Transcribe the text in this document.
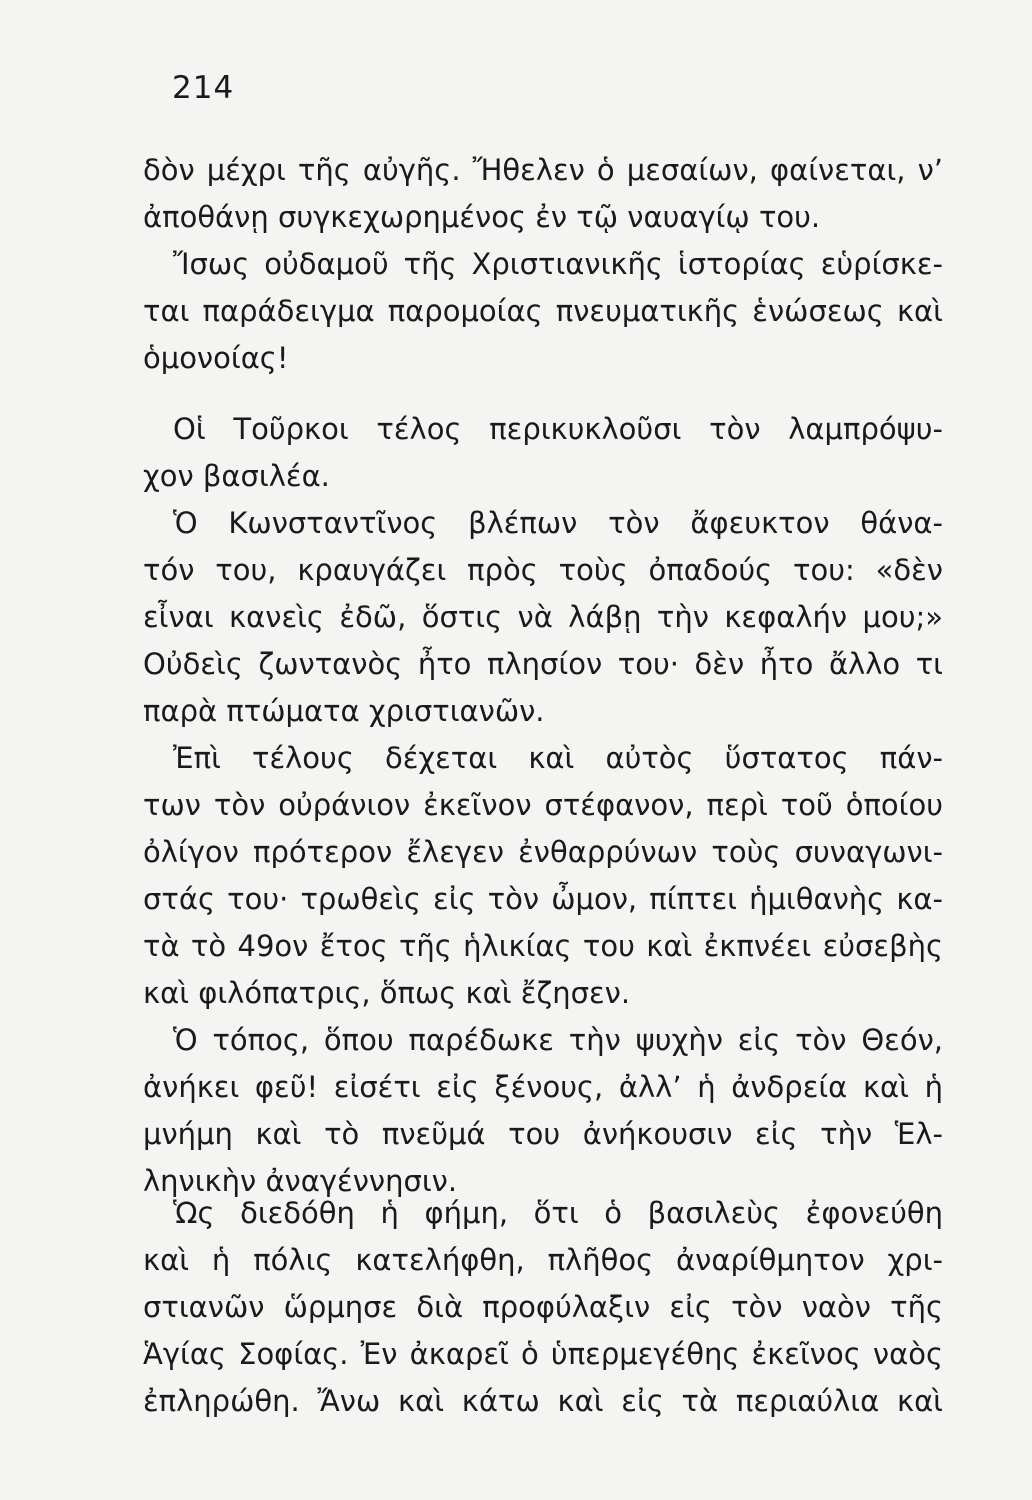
214
δὸν μέχρι τῆς αὐγῆς. Ἤθελεν ὁ μεσαίων, φαίνεται, ν’
ἀποθάνῃ συγκεχωρημένος ἐν τῷ ναυαγίῳ του.
Ἴσως οὐδαμοῦ τῆς Χριστιανικῆς ἱστορίας εὑρίσκε-
ται παράδειγμα παρομοίας πνευματικῆς ἑνώσεως καὶ
ὁμονοίας!
Οἱ Τοῦρκοι τέλος περικυκλοῦσι τὸν λαμπρόψυ-
χον βασιλέα.
Ὁ Κωνσταντῖνος βλέπων τὸν ἄφευκτον θάνα-
τόν του, κραυγάζει πρὸς τοὺς ὀπαδούς του: «δὲν
εἶναι κανεὶς ἐδῶ, ὅστις νὰ λάβῃ τὴν κεφαλήν μου;»
Οὐδεὶς ζωντανὸς ἦτο πλησίον του· δὲν ἦτο ἄλλο τι
παρὰ πτώματα χριστιανῶν.
Ἐπὶ τέλους δέχεται καὶ αὐτὸς ὕστατος πάν-
των τὸν οὐράνιον ἐκεῖνον στέφανον, περὶ τοῦ ὁποίου
ὀλίγον πρότερον ἔλεγεν ἐνθαρρύνων τοὺς συναγωνι-
στάς του· τρωθεὶς εἰς τὸν ὦμον, πίπτει ἡμιθανὴς κα-
τὰ τὸ 49ον ἔτος τῆς ἡλικίας του καὶ ἐκπνέει εὐσεβὴς
καὶ φιλόπατρις, ὅπως καὶ ἔζησεν.
Ὁ τόπος, ὅπου παρέδωκε τὴν ψυχὴν εἰς τὸν Θεόν,
ἀνήκει φεῦ! εἰσέτι εἰς ξένους, ἀλλ’ ἡ ἀνδρεία καὶ ἡ
μνήμη καὶ τὸ πνεῦμά του ἀνήκουσιν εἰς τὴν Ἑλ-
ληνικὴν ἀναγέννησιν.
Ὡς διεδόθη ἡ φήμη, ὅτι ὁ βασιλεὺς ἐφονεύθη
καὶ ἡ πόλις κατελήφθη, πλῆθος ἀναρίθμητον χρι-
στιανῶν ὥρμησε διὰ προφύλαξιν εἰς τὸν ναὸν τῆς
Ἁγίας Σοφίας. Ἐν ἀκαρεῖ ὁ ὑπερμεγέθης ἐκεῖνος ναὸς
ἐπληρώθη. Ἄνω καὶ κάτω καὶ εἰς τὰ περιαύλια καὶ
